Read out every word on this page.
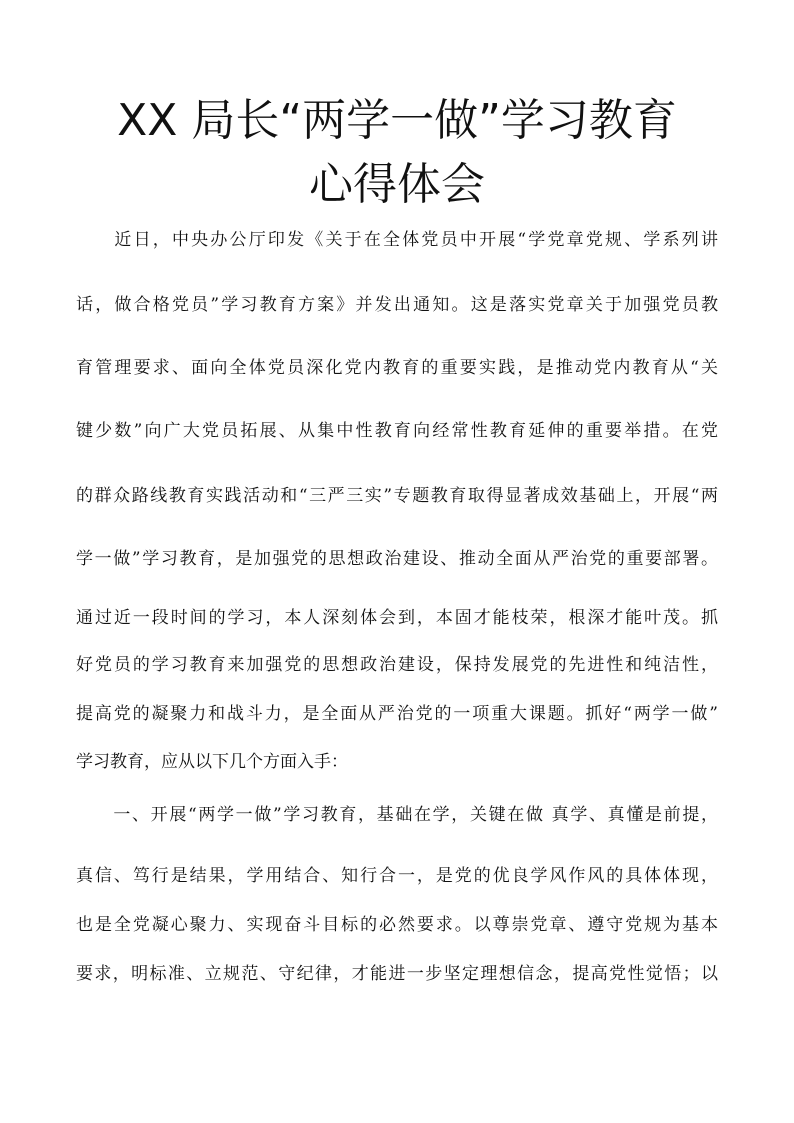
XX 局长“两学一做”学习教育
心得体会
　　近日，中央办公厅印发《关于在全体党员中开展“学党章党规、学系列讲
话，做合格党员”学习教育方案》并发出通知。这是落实党章关于加强党员教
育管理要求、面向全体党员深化党内教育的重要实践，是推动党内教育从“关
键少数”向广大党员拓展、从集中性教育向经常性教育延伸的重要举措。在党
的群众路线教育实践活动和“三严三实”专题教育取得显著成效基础上，开展“两
学一做”学习教育，是加强党的思想政治建设、推动全面从严治党的重要部署。
通过近一段时间的学习，本人深刻体会到，本固才能枝荣，根深才能叶茂。抓
好党员的学习教育来加强党的思想政治建设，保持发展党的先进性和纯洁性，
提高党的凝聚力和战斗力，是全面从严治党的一项重大课题。抓好“两学一做”
学习教育，应从以下几个方面入手：
　　一、开展“两学一做”学习教育，基础在学，关键在做 真学、真懂是前提，
真信、笃行是结果，学用结合、知行合一，是党的优良学风作风的具体体现，
也是全党凝心聚力、实现奋斗目标的必然要求。以尊崇党章、遵守党规为基本
要求，明标准、立规范、守纪律，才能进一步坚定理想信念，提高党性觉悟；以
